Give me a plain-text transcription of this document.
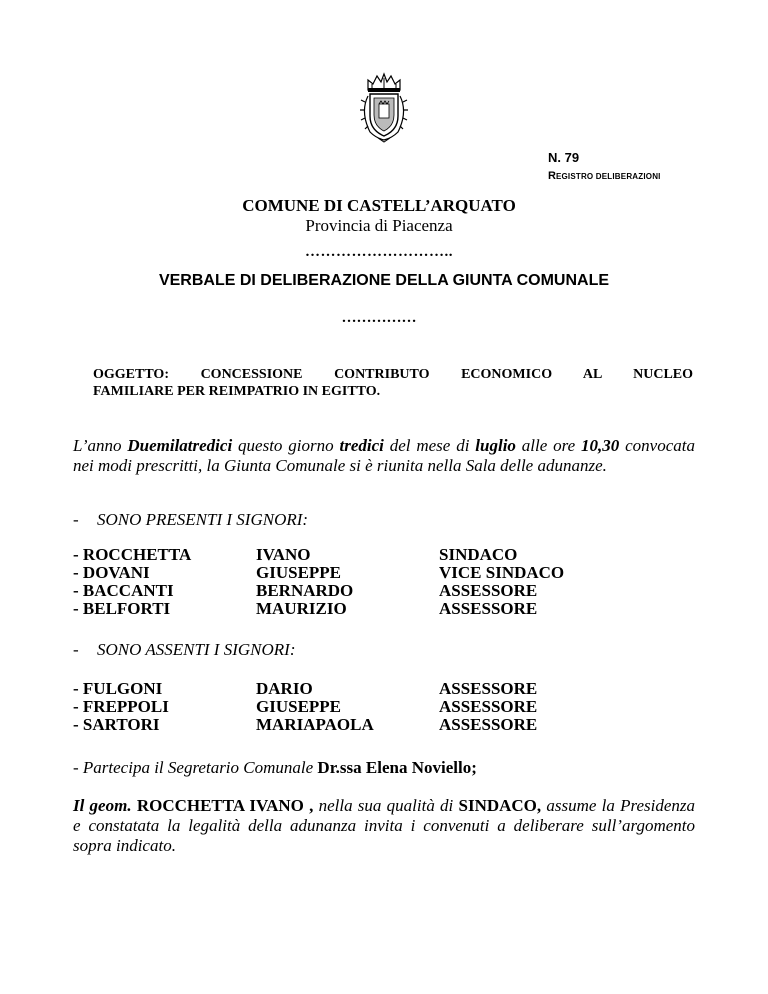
N. 79
REGISTRO DELIBERAZIONI
COMUNE DI CASTELL’ARQUATO
Provincia di Piacenza
………………………..
VERBALE DI DELIBERAZIONE DELLA GIUNTA COMUNALE
……………
OGGETTO: CONCESSIONE CONTRIBUTO ECONOMICO AL NUCLEO
FAMILIARE PER REIMPATRIO IN EGITTO.
L’anno Duemilatredici questo giorno tredici del mese di luglio alle ore 10,30 convocata nei modi prescritti, la Giunta Comunale si è riunita nella Sala delle adunanze.
- SONO PRESENTI I SIGNORI:
- ROCCHETTA	IVANO	SINDACO
- DOVANI	GIUSEPPE	VICE SINDACO
- BACCANTI	BERNARDO	ASSESSORE
- BELFORTI	MAURIZIO	ASSESSORE
- SONO ASSENTI I SIGNORI:
- FULGONI	DARIO	ASSESSORE
- FREPPOLI	GIUSEPPE	ASSESSORE
- SARTORI	MARIAPAOLA	ASSESSORE
- Partecipa il Segretario Comunale Dr.ssa Elena Noviello;
Il geom. ROCCHETTA IVANO , nella sua qualità di SINDACO, assume la Presidenza e constatata la legalità della adunanza invita i convenuti a deliberare sull’argomento sopra indicato.
